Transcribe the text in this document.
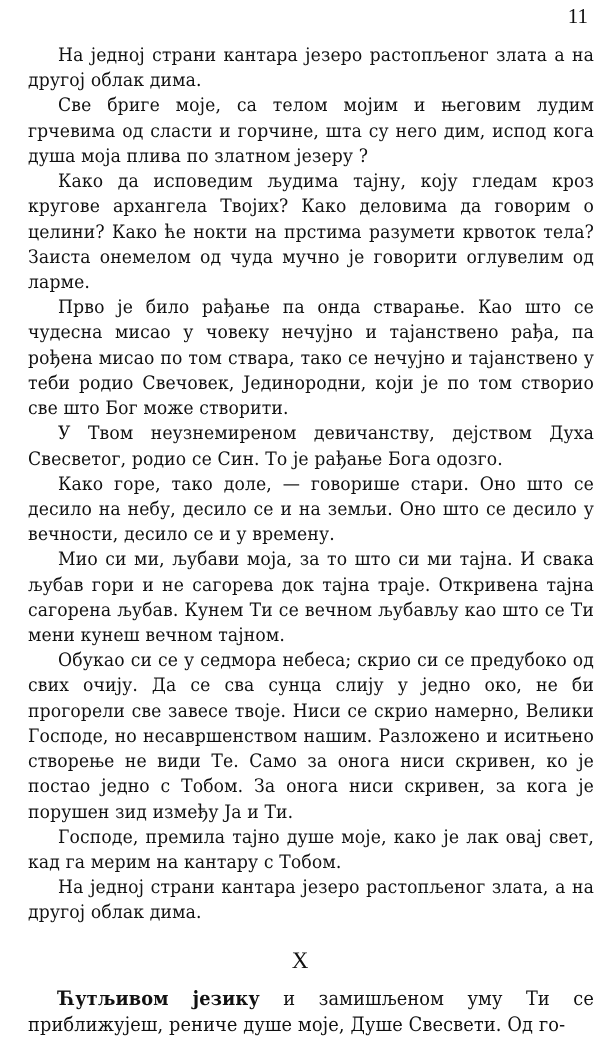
11

На једној страни кантара језеро растопљеног злата а на другој облак дима.

Све бриге моје, са телом мојим и његовим лудим грчевима од сласти и горчине, шта су него дим, испод кога душа моја плива по златном језеру ?

Како да исповедим људима тајну, коју гледам кроз кругове архангела Твојих? Како деловима да говорим о целини? Како ће нокти на прстима разумети крвоток тела? Заиста онемелом од чуда мучно је говорити оглувелим од ларме.

Прво је било рађање па онда стварање. Као што се чудесна мисао у човеку нечујно и тајанствено рађа, па рођена мисао по том ствара, тако се нечујно и тајанствено у теби родио Свечовек, Јединородни, који је по том створио све што Бог може створити.

У Твом неузнемиреном девичанству, дејством Духа Свесветог, родио се Син. То је рађање Бога одозго.

Како горе, тако доле, — говорише стари. Оно што се десило на небу, десило се и на земљи. Оно што се десило у вечности, десило се и у времену.

Мио си ми, љубави моја, за то што си ми тајна. И свака љубав гори и не сагорева док тајна траје. Откривена тајна сагорена љубав. Кунем Ти се вечном љубављу као што се Ти мени кунеш вечном тајном.

Обукао си се у седмора небеса; скрио си се предубоко од свих очију. Да се сва сунца слију у једно око, не би прогорели све завесе твоје. Ниси се скрио намерно, Велики Господе, но несавршенством нашим. Разложено и иситњено створење не види Те. Само за онога ниси скривен, ко је постао једно с Тобом. За онога ниси скривен, за кога је порушен зид између Ја и Ти.

Господе, премила тајно душе моје, како је лак овај свет, кад га мерим на кантару с Тобом.

На једној страни кантара језеро растопљеног злата, а на другој облак дима.

X

Ћутљивом језику и замишљеном уму Ти се приближујеш, рениче душе моје, Душе Свесвети. Од го-
